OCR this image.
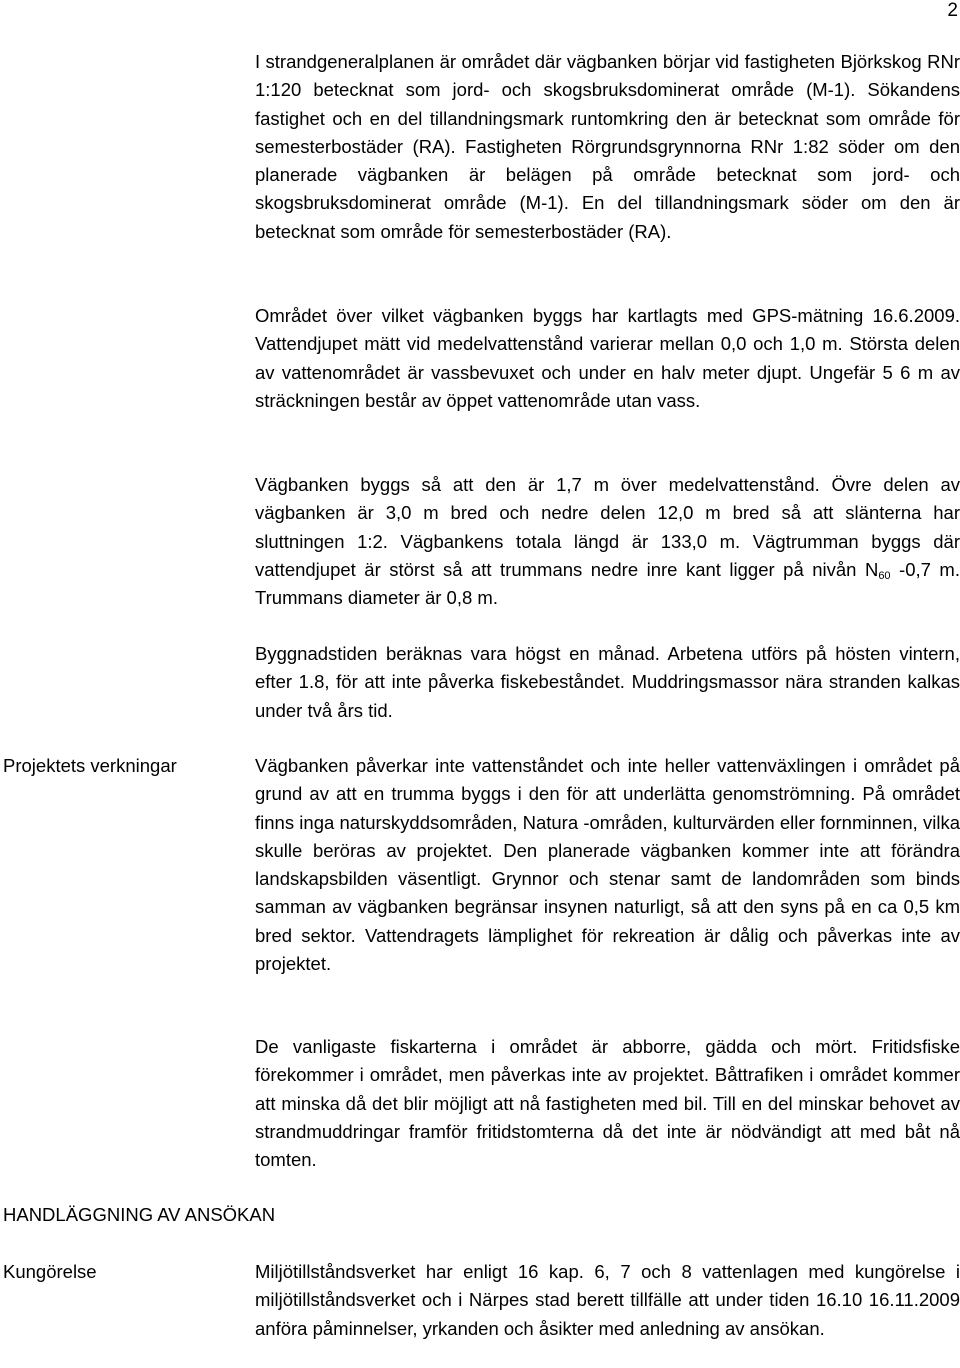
2

I strandgeneralplanen är området där vägbanken börjar vid fastigheten Björkskog RNr 1:120 betecknat som jord- och skogsbruksdominerat område (M-1). Sökandens fastighet och en del tillandningsmark runtomkring den är betecknat som område för semesterbostäder (RA). Fastigheten Rörgrundsgrynnorna RNr 1:82 söder om den planerade vägbanken är belägen på område betecknat som jord- och skogsbruksdominerat område (M-1). En del tillandningsmark söder om den är betecknat som område för semesterbostäder (RA).

Området över vilket vägbanken byggs har kartlagts med GPS-mätning 16.6.2009. Vattendjupet mätt vid medelvattenstånd varierar mellan 0,0 och 1,0 m. Största delen av vattenområdet är vassbevuxet och under en halv meter djupt. Ungefär 5 6 m av sträckningen består av öppet vattenområde utan vass.

Vägbanken byggs så att den är 1,7 m över medelvattenstånd. Övre delen av vägbanken är 3,0 m bred och nedre delen 12,0 m bred så att slänterna har sluttningen 1:2. Vägbankens totala längd är 133,0 m. Vägtrumman byggs där vattendjupet är störst så att trummans nedre inre kant ligger på nivån $N_{60}$ -0,7 m. Trummans diameter är 0,8 m.

Byggnadstiden beräknas vara högst en månad. Arbetena utförs på hösten vintern, efter 1.8, för att inte påverka fiskebeståndet. Muddringsmassor nära stranden kalkas under två års tid.

Projektets verkningar	Vägbanken påverkar inte vattenståndet och inte heller vattenväxlingen i området på grund av att en trumma byggs i den för att underlätta genomströmning. På området finns inga naturskyddsområden, Natura -områden, kulturvärden eller fornminnen, vilka skulle beröras av projektet. Den planerade vägbanken kommer inte att förändra landskapsbilden väsentligt. Grynnor och stenar samt de landområden som binds samman av vägbanken begränsar insynen naturligt, så att den syns på en ca 0,5 km bred sektor. Vattendragets lämplighet för rekreation är dålig och påverkas inte av projektet.

De vanligaste fiskarterna i området är abborre, gädda och mört. Fritidsfiske förekommer i området, men påverkas inte av projektet. Båttrafiken i området kommer att minska då det blir möjligt att nå fastigheten med bil. Till en del minskar behovet av strandmuddringar framför fritidstomterna då det inte är nödvändigt att med båt nå tomten.

HANDLÄGGNING AV ANSÖKAN
Kungörelse	Miljötillståndsverket har enligt 16 kap. 6, 7 och 8 vattenlagen med kungörelse i miljötillståndsverket och i Närpes stad berett tillfälle att under tiden 16.10 16.11.2009 anföra påminnelser, yrkanden och åsikter med anledning av ansökan.
